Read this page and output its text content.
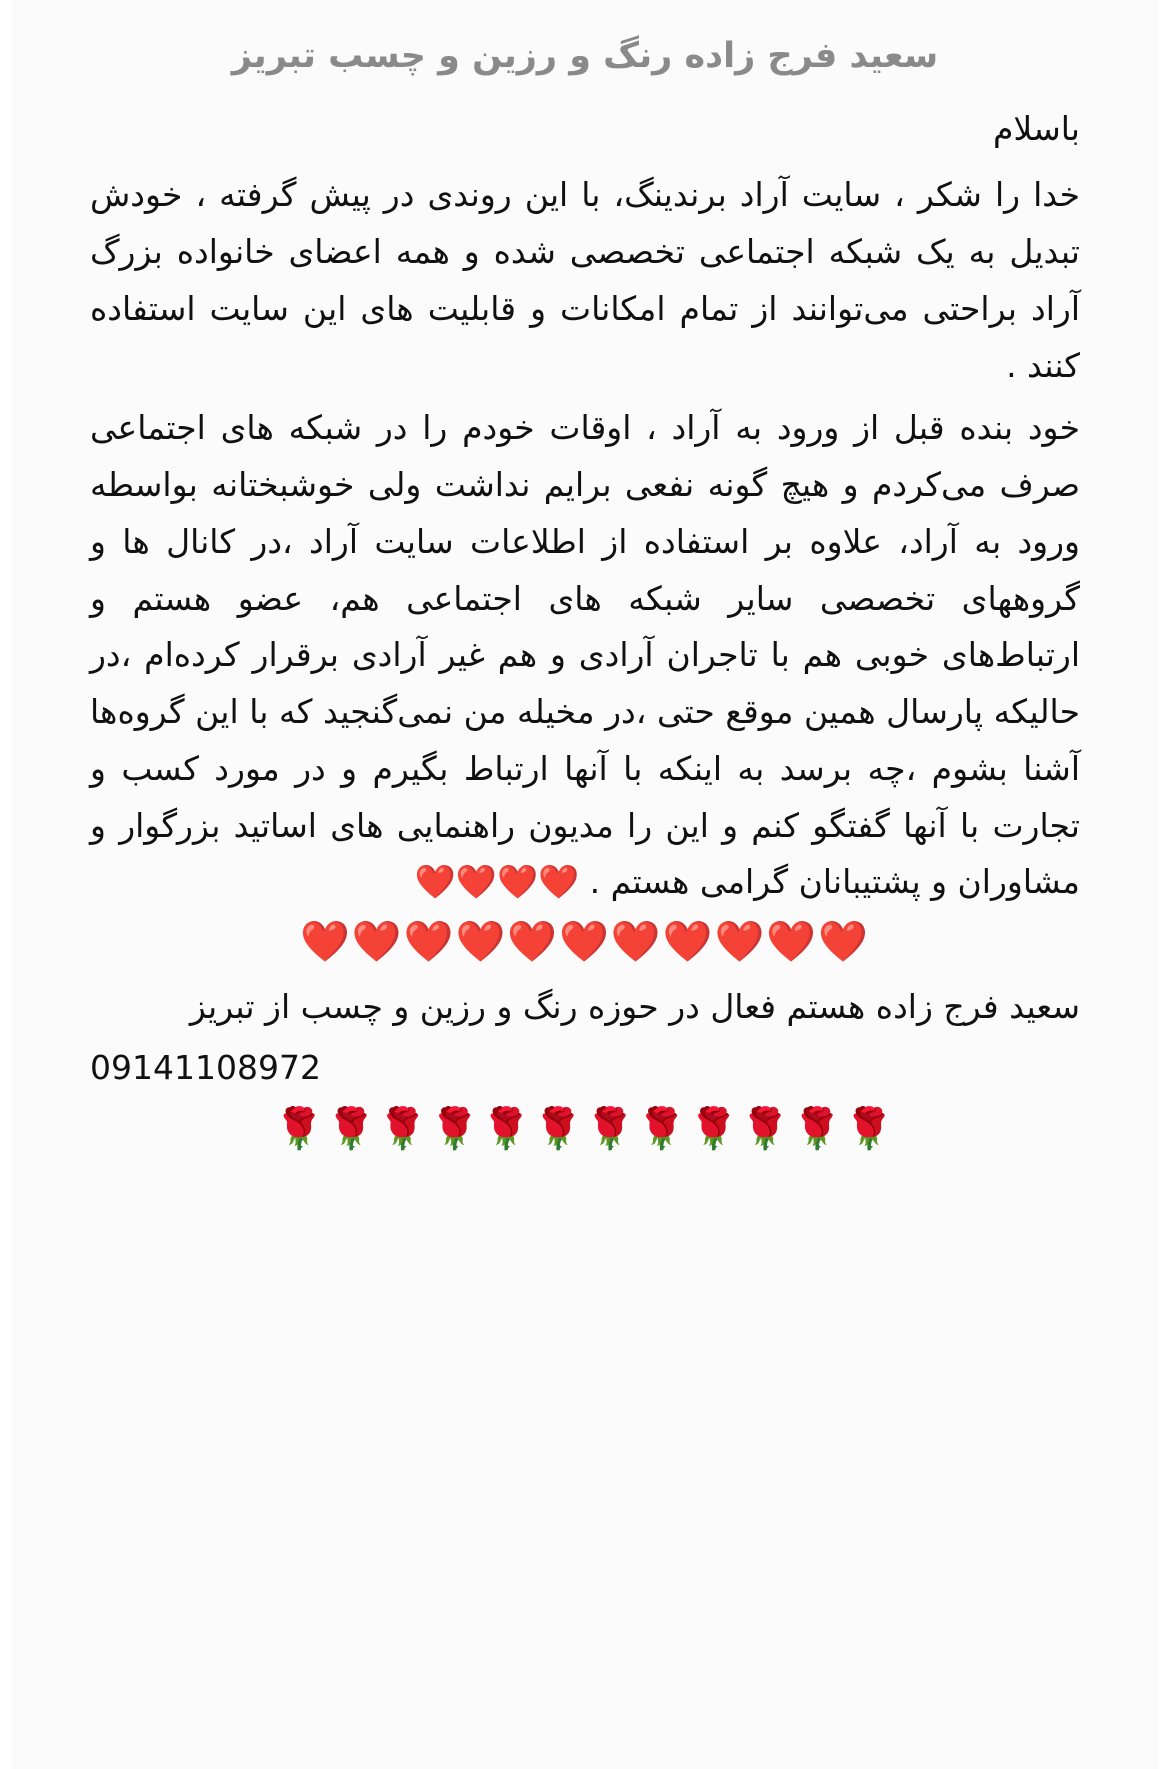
سعید فرج زاده رنگ و رزین و چسب تبریز

باسلام

خدا را شکر ، سایت آراد برندینگ، با این روندی در پیش گرفته ، خودش تبدیل به یک شبکه اجتماعی تخصصی شده و همه اعضای خانواده بزرگ آراد براحتی می‌توانند از تمام امکانات و قابلیت های این سایت استفاده کنند .

خود بنده قبل از ورود به آراد ، اوقات خودم را در شبکه های اجتماعی صرف می‌کردم و هیچ گونه نفعی برایم نداشت ولی خوشبختانه بواسطه ورود به آراد، علاوه بر استفاده از اطلاعات سایت آراد ،در کانال ها و گروههای تخصصی سایر شبکه های اجتماعی هم، عضو هستم و ارتباط‌های خوبی هم با تاجران آرادی و هم غیر آرادی برقرار کرده‌ام ،در حالیکه پارسال همین موقع حتی ،در مخیله من نمی‌گنجید که با این گروه‌ها آشنا بشوم ،چه برسد به اینکه با آنها ارتباط بگیرم و در مورد کسب و تجارت با آنها گفتگو کنم و این را مدیون راهنمایی های اساتید بزرگوار و مشاوران و پشتیبانان گرامی هستم . ❤️❤️❤️❤️

❤️❤️❤️❤️❤️❤️❤️❤️❤️❤️❤️

سعید فرج زاده هستم فعال در حوزه رنگ و رزین و چسب از تبریز

09141108972
🌹🌹🌹🌹🌹🌹🌹🌹🌹🌹🌹🌹
